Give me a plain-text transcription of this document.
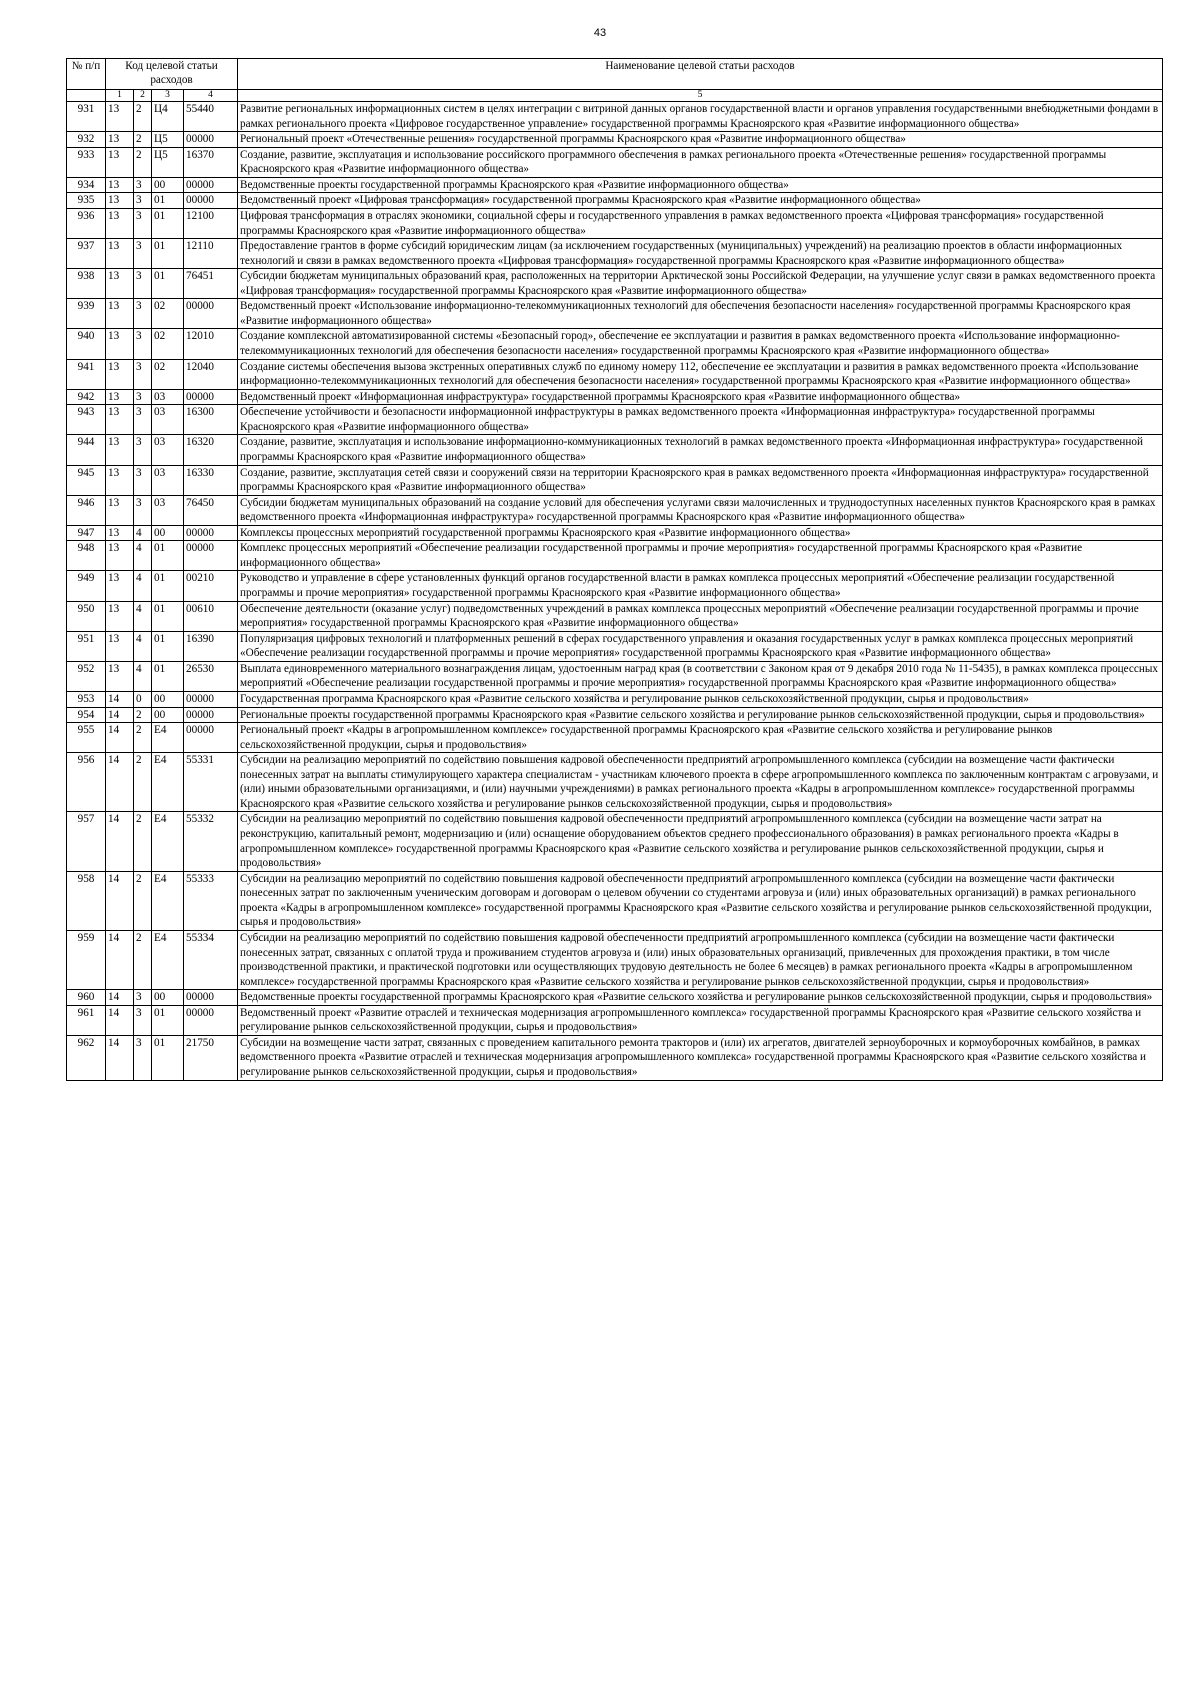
43
№ п/п	Код целевой статьи расходов				Наименование целевой статьи расходов
	1	2	3	4	5
931	13	2	Ц4	55440	Развитие региональных информационных систем в целях интеграции с витриной данных органов государственной власти и органов управления государственными внебюджетными фондами в рамках регионального проекта «Цифровое государственное управление» государственной программы Красноярского края «Развитие информационного общества»
932	13	2	Ц5	00000	Региональный проект «Отечественные решения» государственной программы Красноярского края «Развитие информационного общества»
933	13	2	Ц5	16370	Создание, развитие, эксплуатация и использование российского программного обеспечения в рамках регионального проекта «Отечественные решения» государственной программы Красноярского края «Развитие информационного общества»
934	13	3	00	00000	Ведомственные проекты государственной программы Красноярского края «Развитие информационного общества»
935	13	3	01	00000	Ведомственный проект «Цифровая трансформация» государственной программы Красноярского края «Развитие информационного общества»
936	13	3	01	12100	Цифровая трансформация в отраслях экономики, социальной сферы и государственного управления в рамках ведомственного проекта «Цифровая трансформация» государственной программы Красноярского края «Развитие информационного общества»
937	13	3	01	12110	Предоставление грантов в форме субсидий юридическим лицам (за исключением государственных (муниципальных) учреждений) на реализацию проектов в области информационных технологий и связи в рамках ведомственного проекта «Цифровая трансформация» государственной программы Красноярского края «Развитие информационного общества»
938	13	3	01	76451	Субсидии бюджетам муниципальных образований края, расположенных на территории Арктической зоны Российской Федерации, на улучшение услуг связи в рамках ведомственного проекта «Цифровая трансформация» государственной программы Красноярского края «Развитие информационного общества»
939	13	3	02	00000	Ведомственный проект «Использование информационно-телекоммуникационных технологий для обеспечения безопасности населения» государственной программы Красноярского края «Развитие информационного общества»
940	13	3	02	12010	Создание комплексной автоматизированной системы «Безопасный город», обеспечение ее эксплуатации и развития в рамках ведомственного проекта «Использование информационно-телекоммуникационных технологий для обеспечения безопасности населения» государственной программы Красноярского края «Развитие информационного общества»
941	13	3	02	12040	Создание системы обеспечения вызова экстренных оперативных служб по единому номеру 112, обеспечение ее эксплуатации и развития в рамках ведомственного проекта «Использование информационно-телекоммуникационных технологий для обеспечения безопасности населения» государственной программы Красноярского края «Развитие информационного общества»
942	13	3	03	00000	Ведомственный проект «Информационная инфраструктура» государственной программы Красноярского края «Развитие информационного общества»
943	13	3	03	16300	Обеспечение устойчивости и безопасности информационной инфраструктуры в рамках ведомственного проекта «Информационная инфраструктура» государственной программы Красноярского края «Развитие информационного общества»
944	13	3	03	16320	Создание, развитие, эксплуатация и использование информационно-коммуникационных технологий в рамках ведомственного проекта «Информационная инфраструктура» государственной программы Красноярского края «Развитие информационного общества»
945	13	3	03	16330	Создание, развитие, эксплуатация сетей связи и сооружений связи на территории Красноярского края в рамках ведомственного проекта «Информационная инфраструктура» государственной программы Красноярского края «Развитие информационного общества»
946	13	3	03	76450	Субсидии бюджетам муниципальных образований на создание условий для обеспечения услугами связи малочисленных и труднодоступных населенных пунктов Красноярского края в рамках ведомственного проекта «Информационная инфраструктура» государственной программы Красноярского края «Развитие информационного общества»
947	13	4	00	00000	Комплексы процессных мероприятий государственной программы Красноярского края «Развитие информационного общества»
948	13	4	01	00000	Комплекс процессных мероприятий «Обеспечение реализации государственной программы и прочие мероприятия» государственной программы Красноярского края «Развитие информационного общества»
949	13	4	01	00210	Руководство и управление в сфере установленных функций органов государственной власти в рамках комплекса процессных мероприятий «Обеспечение реализации государственной программы и прочие мероприятия» государственной программы Красноярского края «Развитие информационного общества»
950	13	4	01	00610	Обеспечение деятельности (оказание услуг) подведомственных учреждений в рамках комплекса процессных мероприятий «Обеспечение реализации государственной программы и прочие мероприятия» государственной программы Красноярского края «Развитие информационного общества»
951	13	4	01	16390	Популяризация цифровых технологий и платформенных решений в сферах государственного управления и оказания государственных услуг в рамках комплекса процессных мероприятий «Обеспечение реализации государственной программы и прочие мероприятия» государственной программы Красноярского края «Развитие информационного общества»
952	13	4	01	26530	Выплата единовременного материального вознаграждения лицам, удостоенным наград края (в соответствии с Законом края от 9 декабря 2010 года № 11-5435), в рамках комплекса процессных мероприятий «Обеспечение реализации государственной программы и прочие мероприятия» государственной программы Красноярского края «Развитие информационного общества»
953	14	0	00	00000	Государственная программа Красноярского края «Развитие сельского хозяйства и регулирование рынков сельскохозяйственной продукции, сырья и продовольствия»
954	14	2	00	00000	Региональные проекты государственной программы Красноярского края «Развитие сельского хозяйства и регулирование рынков сельскохозяйственной продукции, сырья и продовольствия»
955	14	2	Е4	00000	Региональный проект «Кадры в агропромышленном комплексе» государственной программы Красноярского края «Развитие сельского хозяйства и регулирование рынков сельскохозяйственной продукции, сырья и продовольствия»
956	14	2	Е4	55331	Субсидии на реализацию мероприятий по содействию повышения кадровой обеспеченности предприятий агропромышленного комплекса (субсидии на возмещение части фактически понесенных затрат на выплаты стимулирующего характера специалистам - участникам ключевого проекта в сфере агропромышленного комплекса по заключенным контрактам с агровузами, и (или) иными образовательными организациями, и (или) научными учреждениями) в рамках регионального проекта «Кадры в агропромышленном комплексе» государственной программы Красноярского края «Развитие сельского хозяйства и регулирование рынков сельскохозяйственной продукции, сырья и продовольствия»
957	14	2	Е4	55332	Субсидии на реализацию мероприятий по содействию повышения кадровой обеспеченности предприятий агропромышленного комплекса (субсидии на возмещение части затрат на реконструкцию, капитальный ремонт, модернизацию и (или) оснащение оборудованием объектов среднего профессионального образования) в рамках регионального проекта «Кадры в агропромышленном комплексе» государственной программы Красноярского края «Развитие сельского хозяйства и регулирование рынков сельскохозяйственной продукции, сырья и продовольствия»
958	14	2	Е4	55333	Субсидии на реализацию мероприятий по содействию повышения кадровой обеспеченности предприятий агропромышленного комплекса (субсидии на возмещение части фактически понесенных затрат по заключенным ученическим договорам и договорам о целевом обучении со студентами агровуза и (или) иных образовательных организаций) в рамках регионального проекта «Кадры в агропромышленном комплексе» государственной программы Красноярского края «Развитие сельского хозяйства и регулирование рынков сельскохозяйственной продукции, сырья и продовольствия»
959	14	2	Е4	55334	Субсидии на реализацию мероприятий по содействию повышения кадровой обеспеченности предприятий агропромышленного комплекса (субсидии на возмещение части фактически понесенных затрат, связанных с оплатой труда и проживанием студентов агровуза и (или) иных образовательных организаций, привлеченных для прохождения практики, в том числе производственной практики, и практической подготовки или осуществляющих трудовую деятельность не более 6 месяцев) в рамках регионального проекта «Кадры в агропромышленном комплексе» государственной программы Красноярского края «Развитие сельского хозяйства и регулирование рынков сельскохозяйственной продукции, сырья и продовольствия»
960	14	3	00	00000	Ведомственные проекты государственной программы Красноярского края «Развитие сельского хозяйства и регулирование рынков сельскохозяйственной продукции, сырья и продовольствия»
961	14	3	01	00000	Ведомственный проект «Развитие отраслей и техническая модернизация агропромышленного комплекса» государственной программы Красноярского края «Развитие сельского хозяйства и регулирование рынков сельскохозяйственной продукции, сырья и продовольствия»
962	14	3	01	21750	Субсидии на возмещение части затрат, связанных с проведением капитального ремонта тракторов и (или) их агрегатов, двигателей зерноуборочных и кормоуборочных комбайнов, в рамках ведомственного проекта «Развитие отраслей и техническая модернизация агропромышленного комплекса» государственной программы Красноярского края «Развитие сельского хозяйства и регулирование рынков сельскохозяйственной продукции, сырья и продовольствия»
